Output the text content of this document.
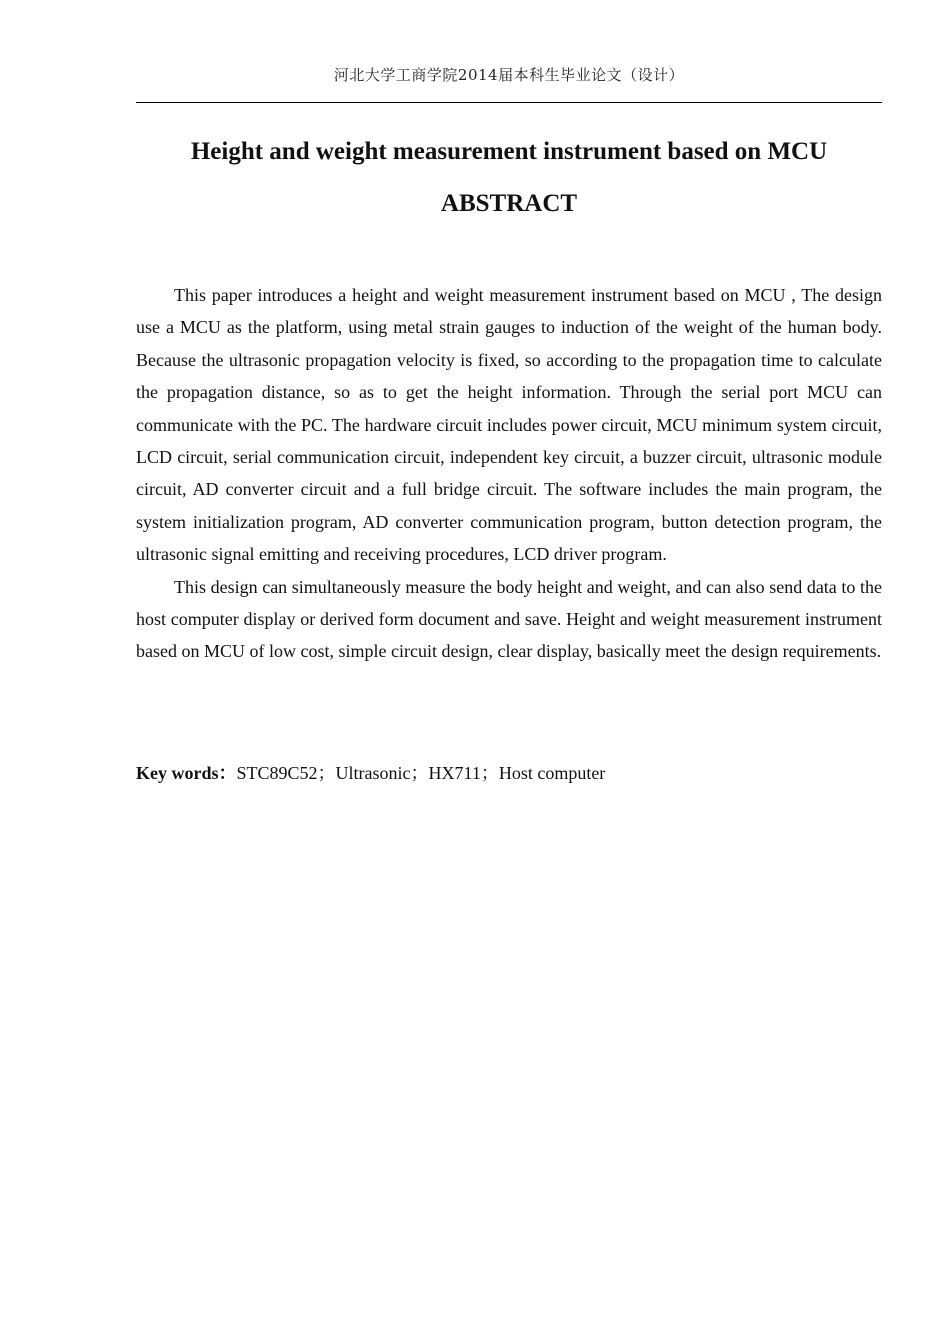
河北大学工商学院2014届本科生毕业论文（设计）
Height and weight measurement instrument based on MCU
ABSTRACT

This paper introduces a height and weight measurement instrument based on MCU , The design use a MCU as the platform, using metal strain gauges to induction of the weight of the human body. Because the ultrasonic propagation velocity is fixed, so according to the propagation time to calculate the propagation distance, so as to get the height information. Through the serial port MCU can communicate with the PC. The hardware circuit includes power circuit, MCU minimum system circuit, LCD circuit, serial communication circuit, independent key circuit, a buzzer circuit, ultrasonic module circuit, AD converter circuit and a full bridge circuit. The software includes the main program, the system initialization program, AD converter communication program, button detection program, the ultrasonic signal emitting and receiving procedures, LCD driver program.

This design can simultaneously measure the body height and weight, and can also send data to the host computer display or derived form document and save. Height and weight measurement instrument based on MCU of low cost, simple circuit design, clear display, basically meet the design requirements.

Key words：STC89C52；Ultrasonic；HX711；Host computer
